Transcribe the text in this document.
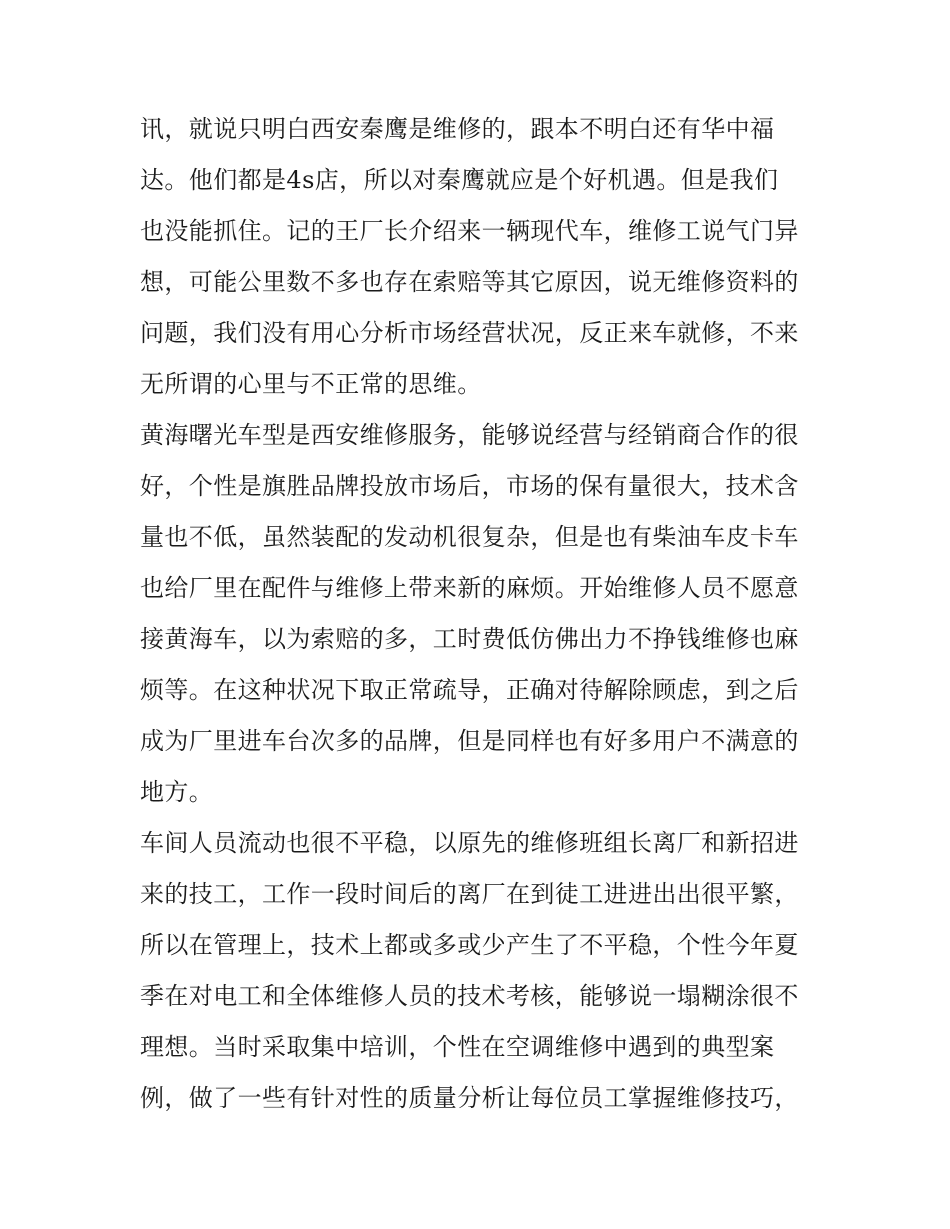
讯，就说只明白西安秦鹰是维修的，跟本不明白还有华中福
达。他们都是4s店，所以对秦鹰就应是个好机遇。但是我们
也没能抓住。记的王厂长介绍来一辆现代车，维修工说气门异
想，可能公里数不多也存在索赔等其它原因，说无维修资料的
问题，我们没有用心分析市场经营状况，反正来车就修，不来
无所谓的心里与不正常的思维。
黄海曙光车型是西安维修服务，能够说经营与经销商合作的很
好，个性是旗胜品牌投放市场后，市场的保有量很大，技术含
量也不低，虽然装配的发动机很复杂，但是也有柴油车皮卡车
也给厂里在配件与维修上带来新的麻烦。开始维修人员不愿意
接黄海车，以为索赔的多，工时费低仿佛出力不挣钱维修也麻
烦等。在这种状况下取正常疏导，正确对待解除顾虑，到之后
成为厂里进车台次多的品牌，但是同样也有好多用户不满意的
地方。
车间人员流动也很不平稳，以原先的维修班组长离厂和新招进
来的技工，工作一段时间后的离厂在到徒工进进出出很平繁，
所以在管理上，技术上都或多或少产生了不平稳，个性今年夏
季在对电工和全体维修人员的技术考核，能够说一塌糊涂很不
理想。当时采取集中培训，个性在空调维修中遇到的典型案
例，做了一些有针对性的质量分析让每位员工掌握维修技巧，
